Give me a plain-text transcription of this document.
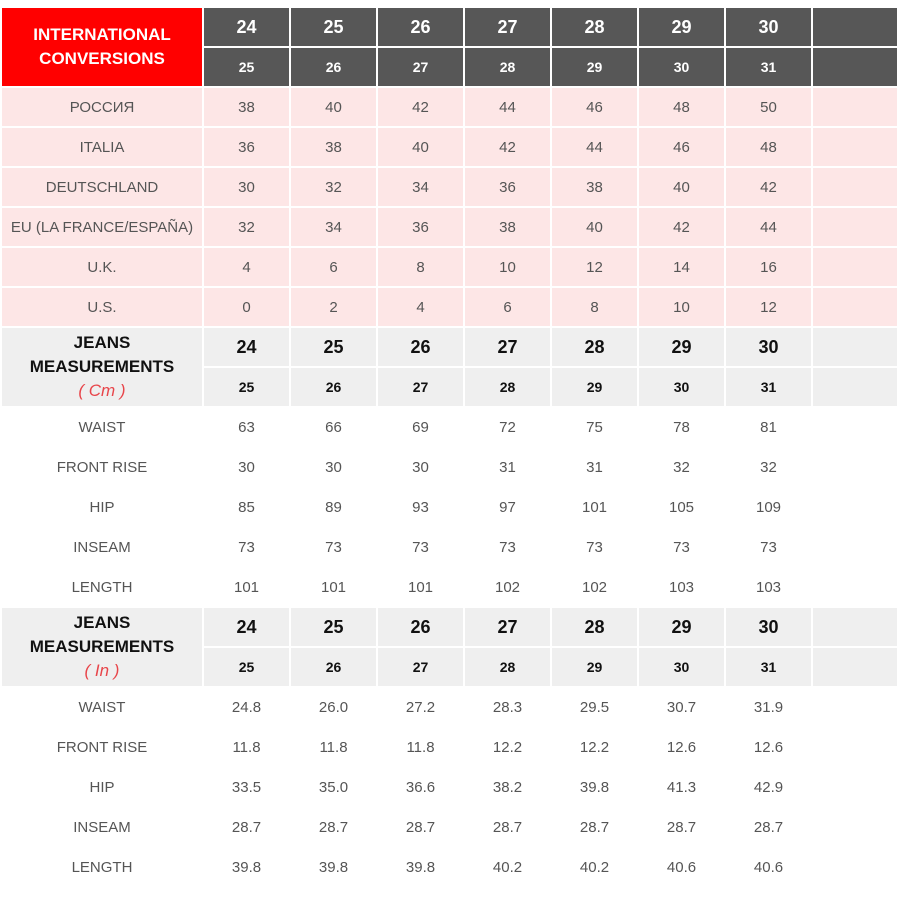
INTERNATIONAL
CONVERSIONS	24	25	26	27	28	29	30	
	25	26	27	28	29	30	31	
РОССИЯ	38	40	42	44	46	48	50	
ITALIA	36	38	40	42	44	46	48	
DEUTSCHLAND	30	32	34	36	38	40	42	
EU (LA FRANCE/ESPAÑA)	32	34	36	38	40	42	44	
U.K.	4	6	8	10	12	14	16	
U.S.	0	2	4	6	8	10	12	

JEANS
MEASUREMENTS
( Cm )	24	25	26	27	28	29	30	
	25	26	27	28	29	30	31	
WAIST	63	66	69	72	75	78	81	
FRONT RISE	30	30	30	31	31	32	32	
HIP	85	89	93	97	101	105	109	
INSEAM	73	73	73	73	73	73	73	
LENGTH	101	101	101	102	102	103	103	

JEANS
MEASUREMENTS
( In )	24	25	26	27	28	29	30	
	25	26	27	28	29	30	31	
WAIST	24.8	26.0	27.2	28.3	29.5	30.7	31.9	
FRONT RISE	11.8	11.8	11.8	12.2	12.2	12.6	12.6	
HIP	33.5	35.0	36.6	38.2	39.8	41.3	42.9	
INSEAM	28.7	28.7	28.7	28.7	28.7	28.7	28.7	
LENGTH	39.8	39.8	39.8	40.2	40.2	40.6	40.6	
